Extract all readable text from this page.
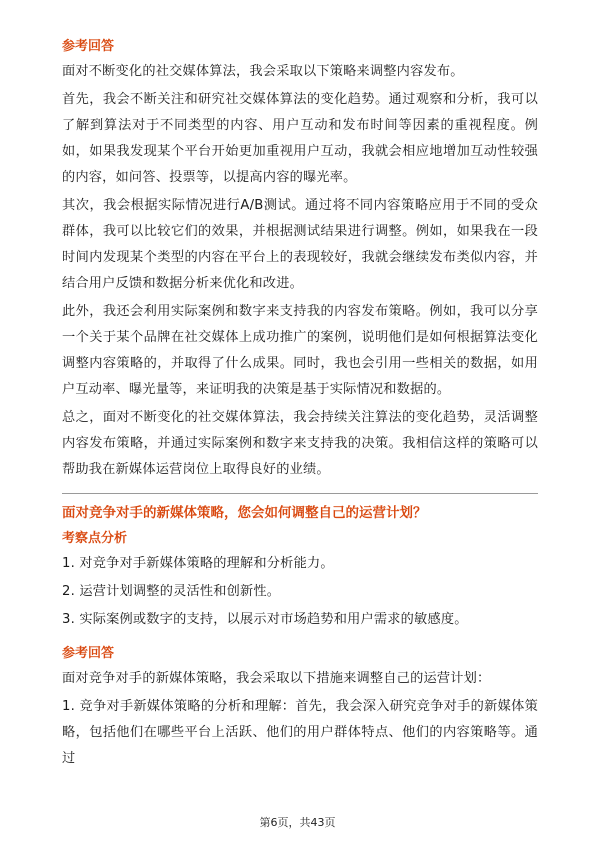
参考回答

面对不断变化的社交媒体算法，我会采取以下策略来调整内容发布。

首先，我会不断关注和研究社交媒体算法的变化趋势。通过观察和分析，我可以了解到算法对于不同类型的内容、用户互动和发布时间等因素的重视程度。例如，如果我发现某个平台开始更加重视用户互动，我就会相应地增加互动性较强的内容，如问答、投票等，以提高内容的曝光率。

其次，我会根据实际情况进行A/B测试。通过将不同内容策略应用于不同的受众群体，我可以比较它们的效果，并根据测试结果进行调整。例如，如果我在一段时间内发现某个类型的内容在平台上的表现较好，我就会继续发布类似内容，并结合用户反馈和数据分析来优化和改进。

此外，我还会利用实际案例和数字来支持我的内容发布策略。例如，我可以分享一个关于某个品牌在社交媒体上成功推广的案例，说明他们是如何根据算法变化调整内容策略的，并取得了什么成果。同时，我也会引用一些相关的数据，如用户互动率、曝光量等，来证明我的决策是基于实际情况和数据的。

总之，面对不断变化的社交媒体算法，我会持续关注算法的变化趋势，灵活调整内容发布策略，并通过实际案例和数字来支持我的决策。我相信这样的策略可以帮助我在新媒体运营岗位上取得良好的业绩。

面对竞争对手的新媒体策略，您会如何调整自己的运营计划？
考察点分析

1. 对竞争对手新媒体策略的理解和分析能力。

2. 运营计划调整的灵活性和创新性。

3. 实际案例或数字的支持，以展示对市场趋势和用户需求的敏感度。

参考回答

面对竞争对手的新媒体策略，我会采取以下措施来调整自己的运营计划：

1. 竞争对手新媒体策略的分析和理解：首先，我会深入研究竞争对手的新媒体策略，包括他们在哪些平台上活跃、他们的用户群体特点、他们的内容策略等。通过

第6页，共43页
